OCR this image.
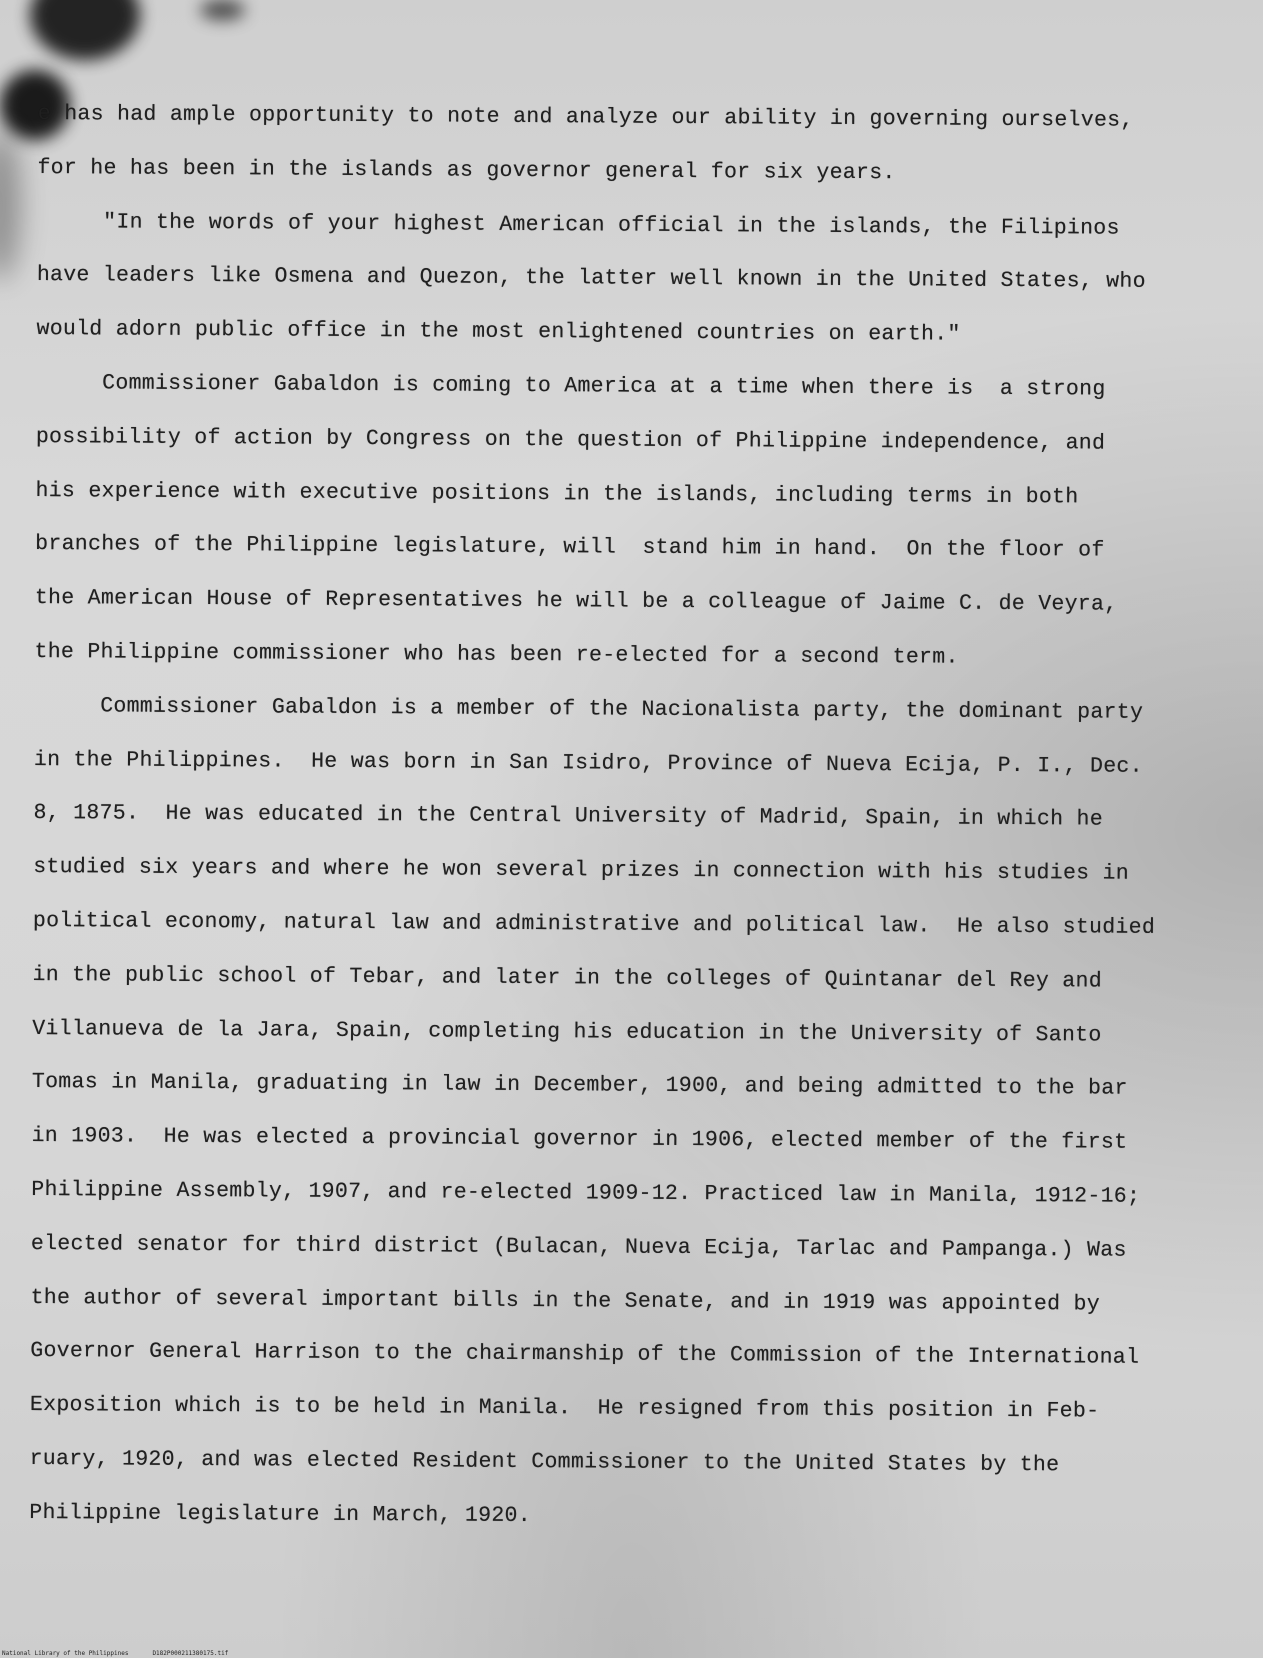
e has had ample opportunity to note and analyze our ability in governing ourselves,
for he has been in the islands as governor general for six years.
"In the words of your highest American official in the islands, the Filipinos
have leaders like Osmena and Quezon, the latter well known in the United States, who
would adorn public office in the most enlightened countries on earth."
Commissioner Gabaldon is coming to America at a time when there is  a strong
possibility of action by Congress on the question of Philippine independence, and
his experience with executive positions in the islands, including terms in both
branches of the Philippine legislature, will  stand him in hand.  On the floor of
the American House of Representatives he will be a colleague of Jaime C. de Veyra,
the Philippine commissioner who has been re-elected for a second term.
Commissioner Gabaldon is a member of the Nacionalista party, the dominant party
in the Philippines.  He was born in San Isidro, Province of Nueva Ecija, P. I., Dec.
8, 1875.  He was educated in the Central University of Madrid, Spain, in which he
studied six years and where he won several prizes in connection with his studies in
political economy, natural law and administrative and political law.  He also studied
in the public school of Tebar, and later in the colleges of Quintanar del Rey and
Villanueva de la Jara, Spain, completing his education in the University of Santo
Tomas in Manila, graduating in law in December, 1900, and being admitted to the bar
in 1903.  He was elected a provincial governor in 1906, elected member of the first
Philippine Assembly, 1907, and re-elected 1909-12. Practiced law in Manila, 1912-16;
elected senator for third district (Bulacan, Nueva Ecija, Tarlac and Pampanga.) Was
the author of several important bills in the Senate, and in 1919 was appointed by
Governor General Harrison to the chairmanship of the Commission of the International
Exposition which is to be held in Manila.  He resigned from this position in Feb-
ruary, 1920, and was elected Resident Commissioner to the United States by the
Philippine legislature in March, 1920.
National Library of the Philippines	D182P000211380175.tif
